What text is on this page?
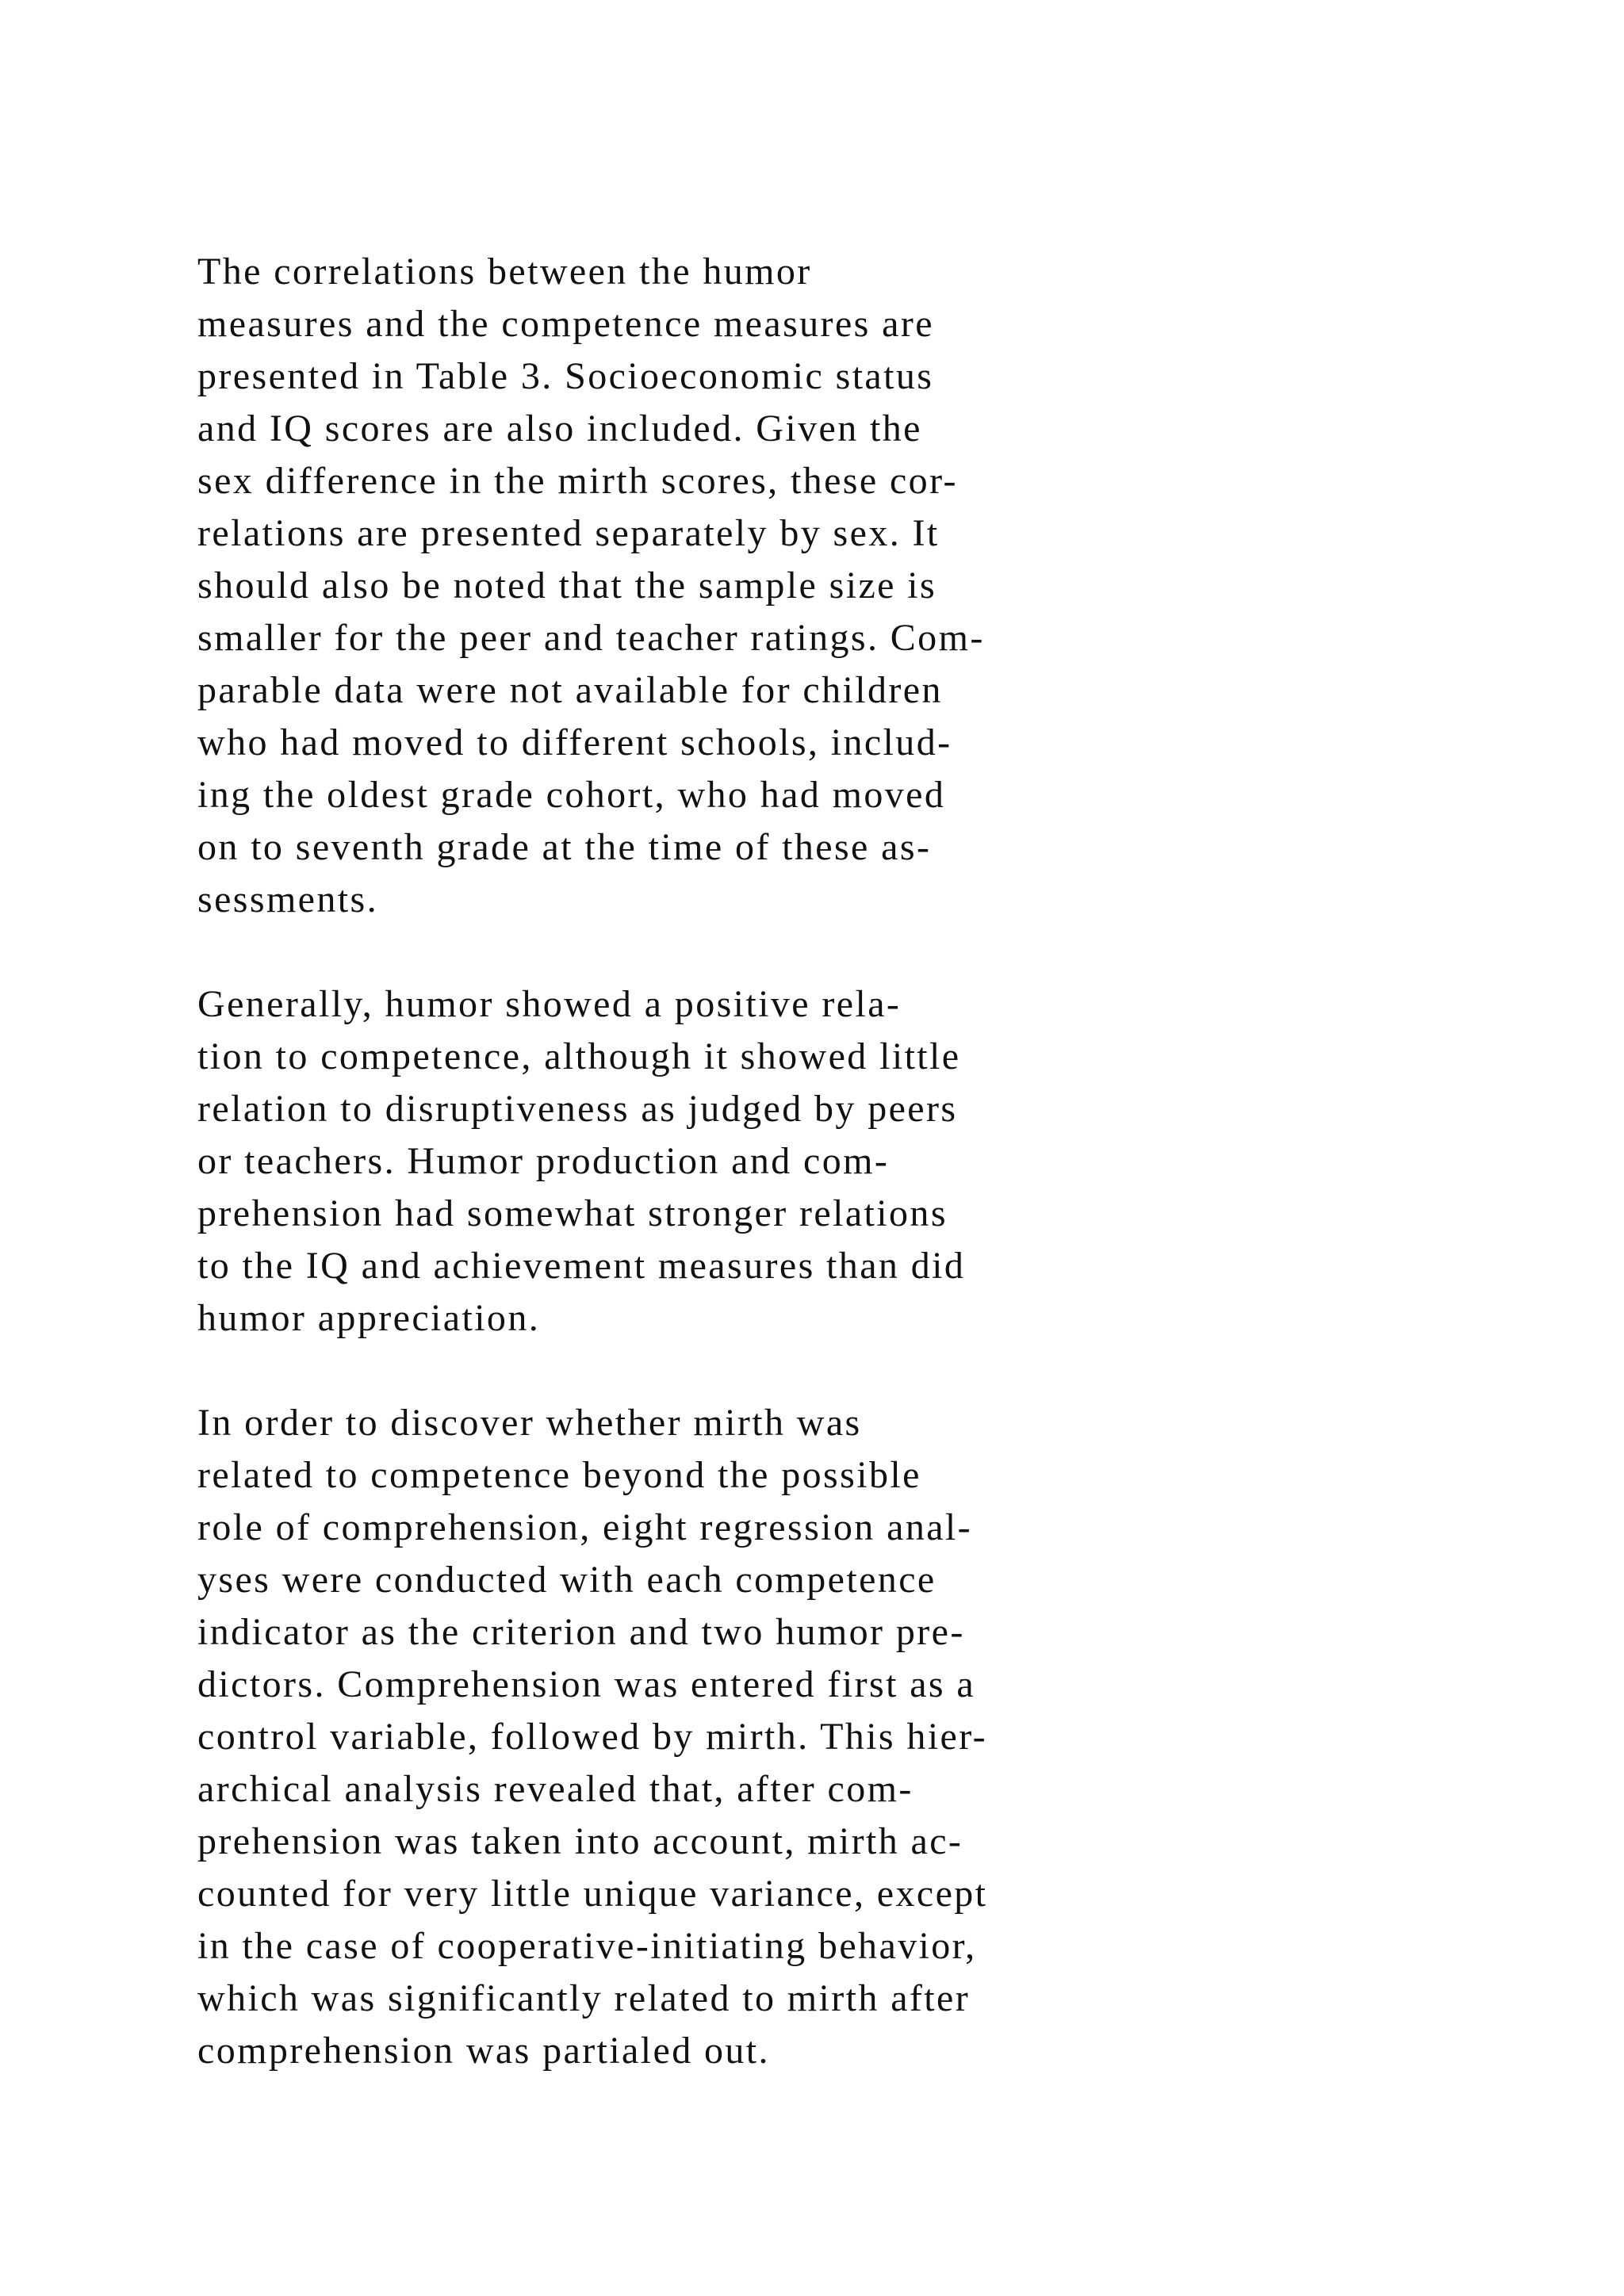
The correlations between the humor
measures and the competence measures are
presented in Table 3. Socioeconomic status
and IQ scores are also included. Given the
sex difference in the mirth scores, these cor-
relations are presented separately by sex. It
should also be noted that the sample size is
smaller for the peer and teacher ratings. Com-
parable data were not available for children
who had moved to different schools, includ-
ing the oldest grade cohort, who had moved
on to seventh grade at the time of these as-
sessments.
Generally, humor showed a positive rela-
tion to competence, although it showed little
relation to disruptiveness as judged by peers
or teachers. Humor production and com-
prehension had somewhat stronger relations
to the IQ and achievement measures than did
humor appreciation.
In order to discover whether mirth was
related to competence beyond the possible
role of comprehension, eight regression anal-
yses were conducted with each competence
indicator as the criterion and two humor pre-
dictors. Comprehension was entered first as a
control variable, followed by mirth. This hier-
archical analysis revealed that, after com-
prehension was taken into account, mirth ac-
counted for very little unique variance, except
in the case of cooperative-initiating behavior,
which was significantly related to mirth after
comprehension was partialed out.
